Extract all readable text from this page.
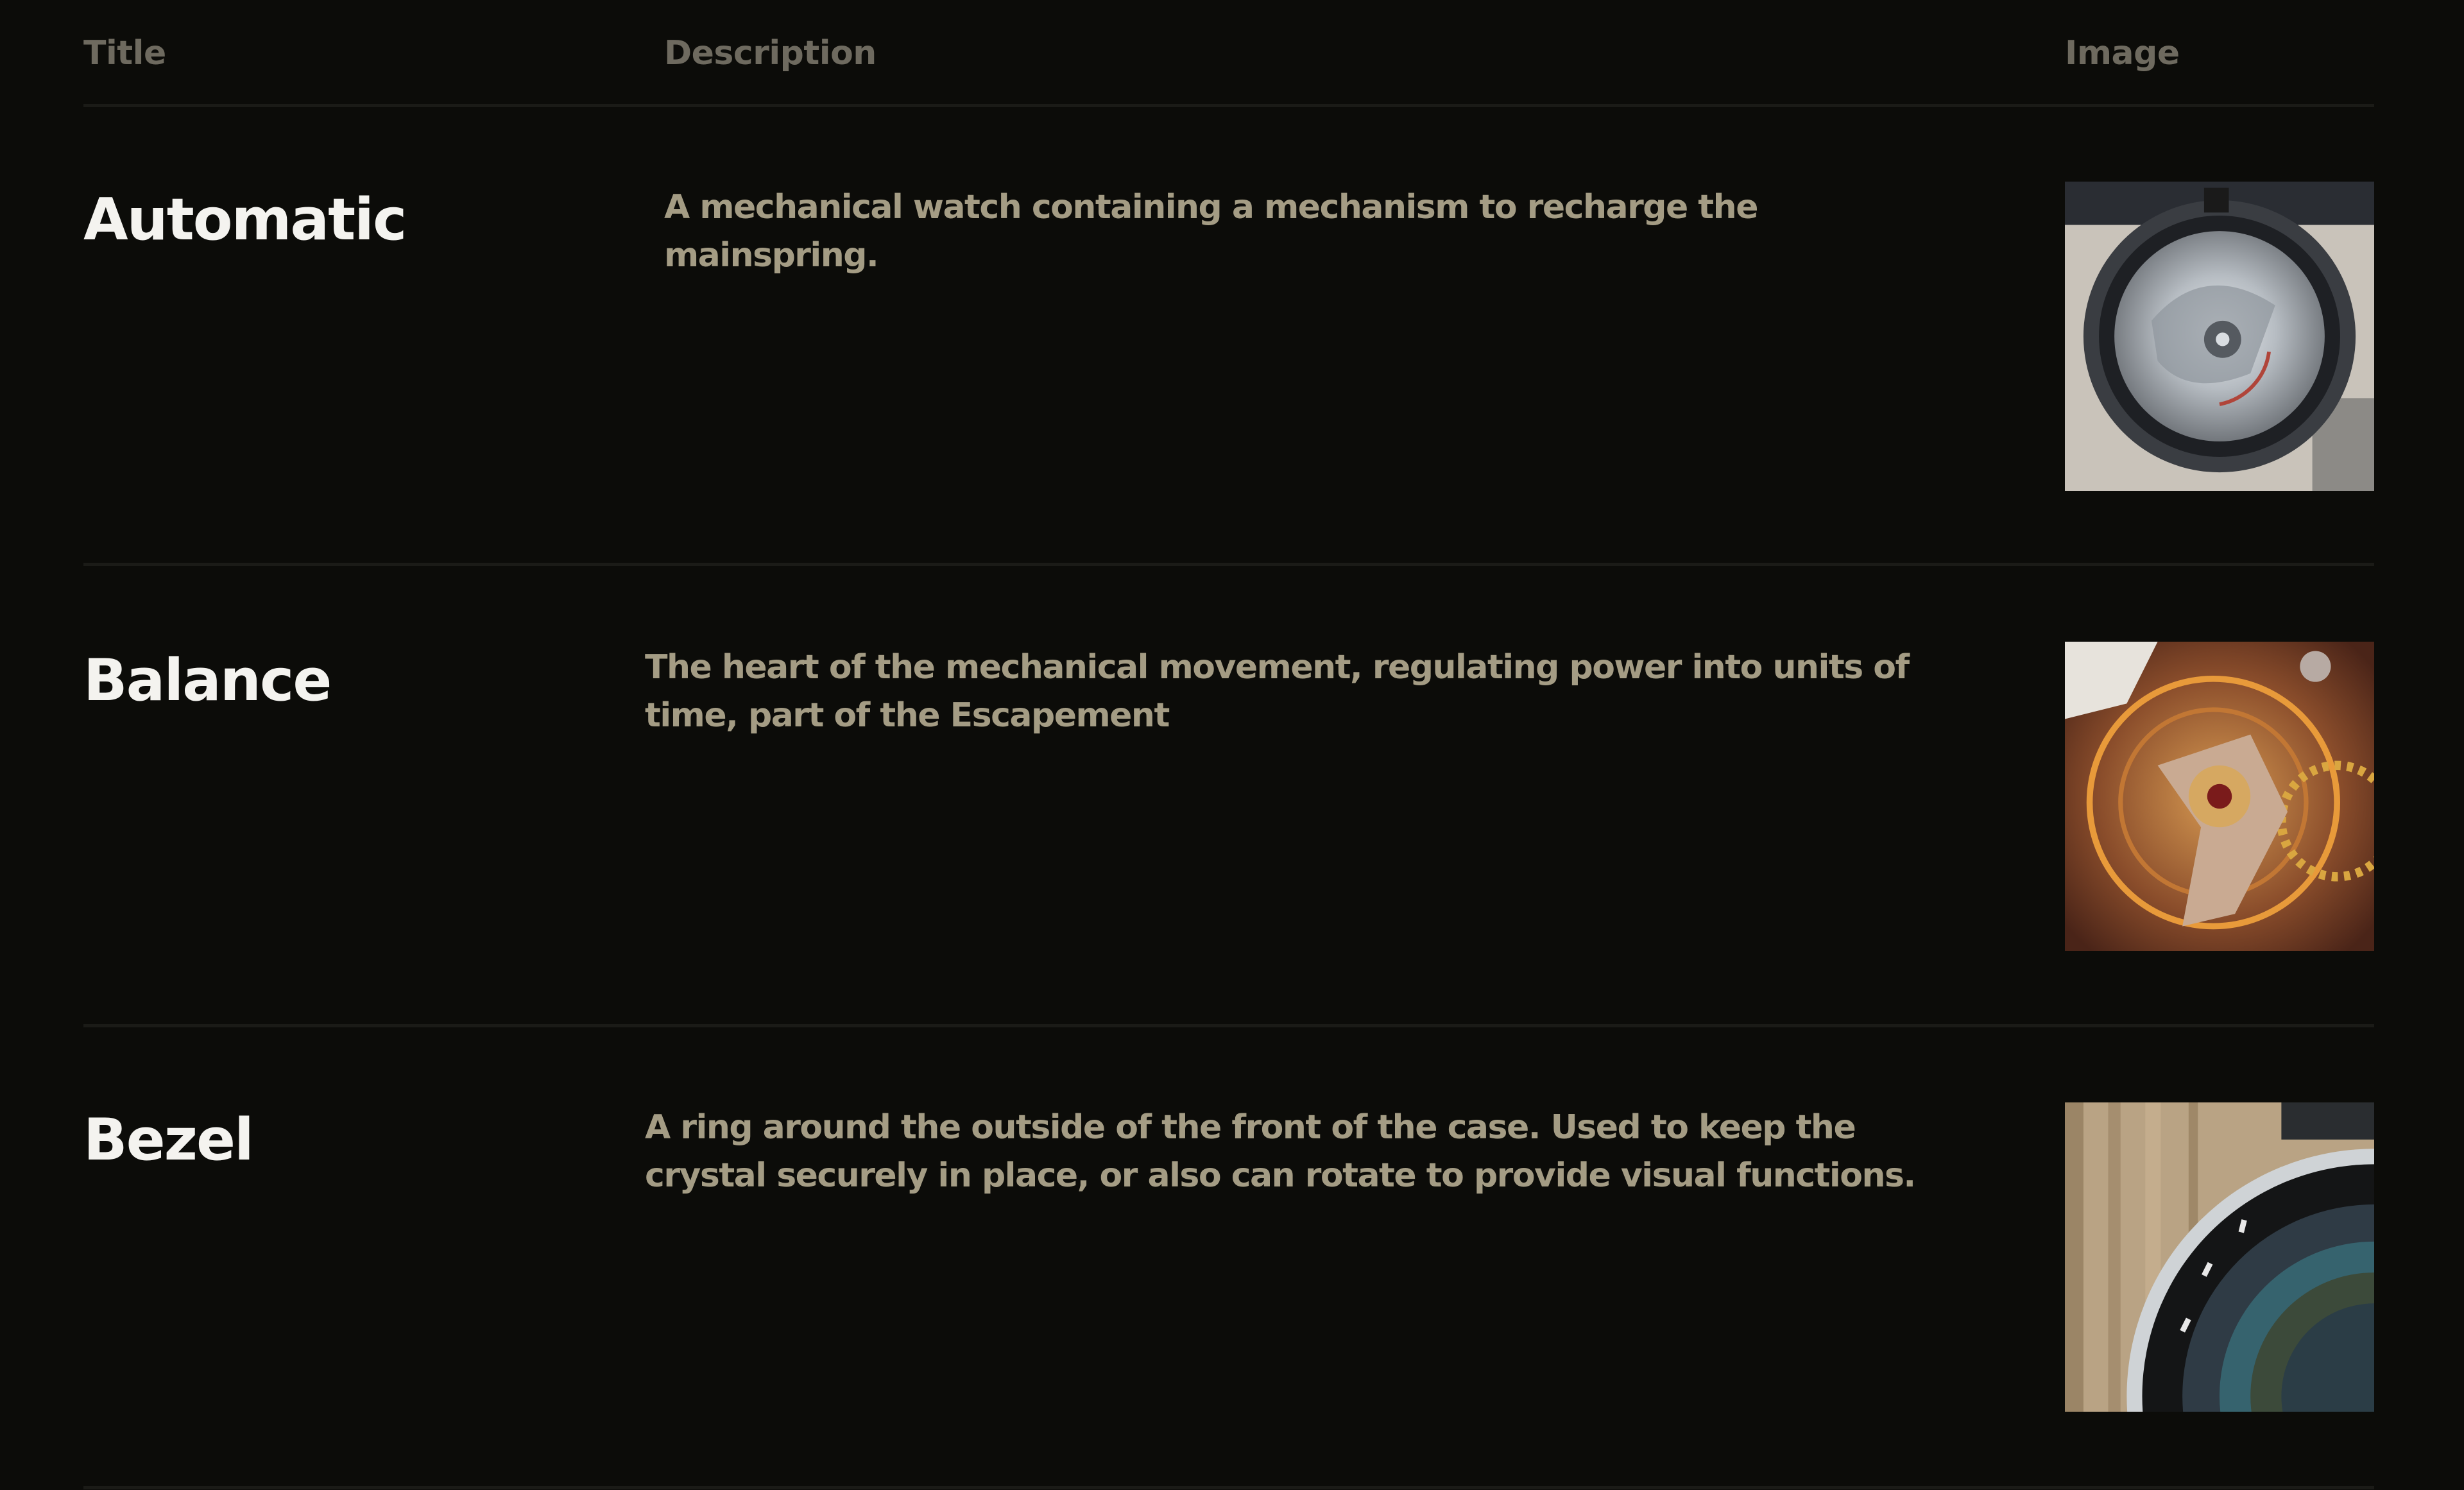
Title	Description	Image
Automatic	A mechanical watch containing a mechanism to recharge the mainspring.
Balance	The heart of the mechanical movement, regulating power into units of time, part of the Escapement
Bezel	A ring around the outside of the front of the case. Used to keep the crystal securely in place, or also can rotate to provide visual functions.
